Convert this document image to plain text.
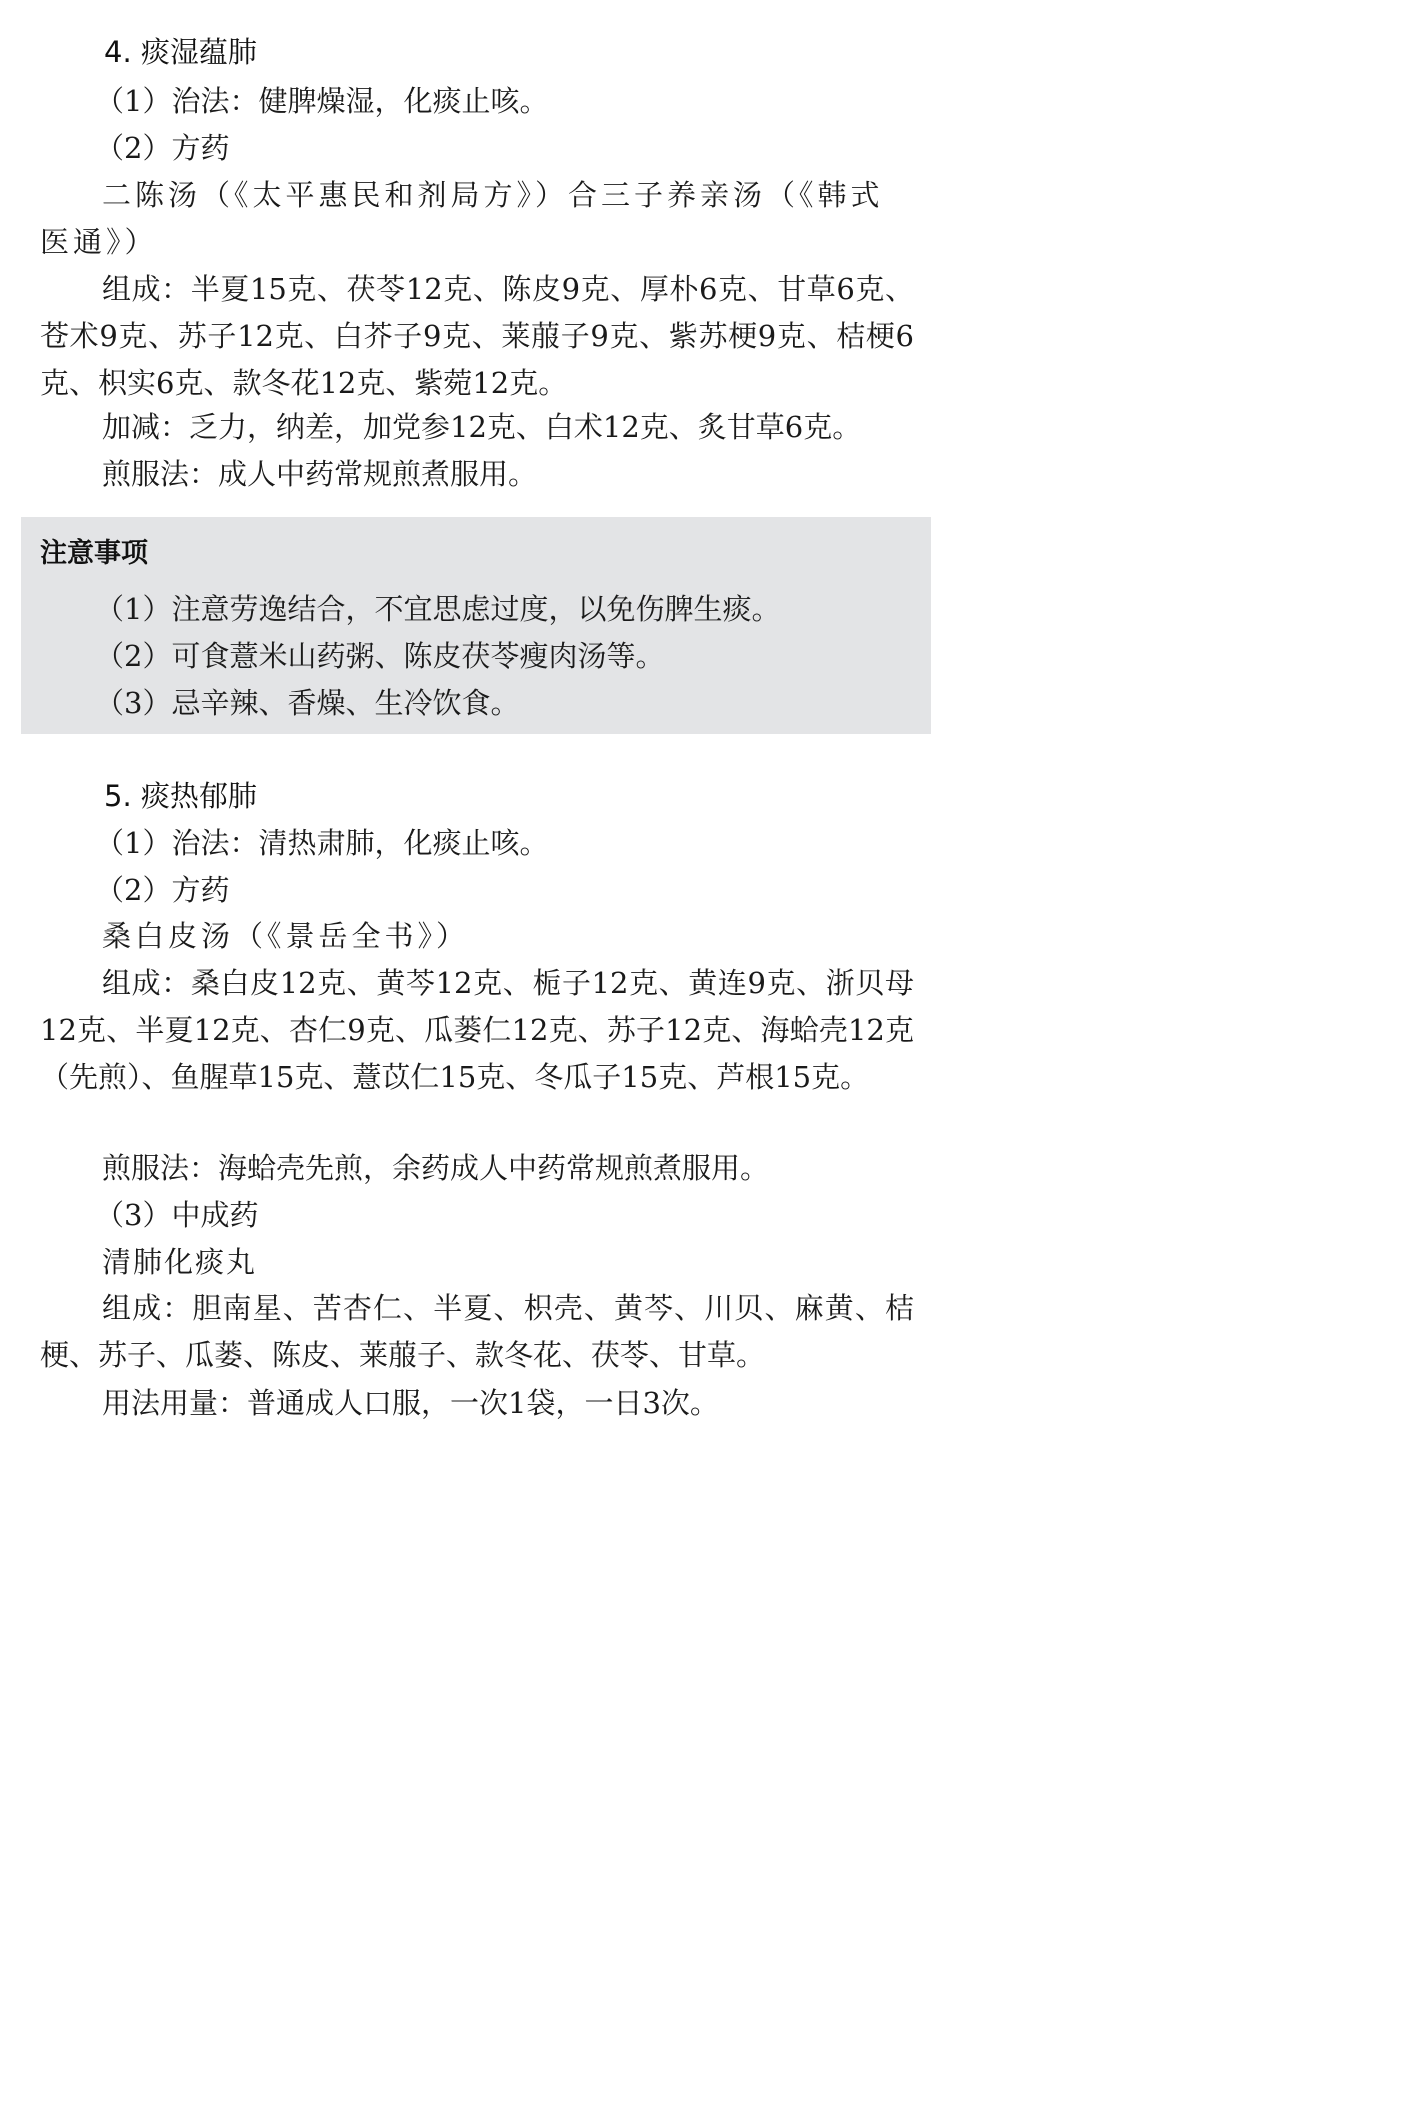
4. 痰湿蕴肺
（1）治法：健脾燥湿，化痰止咳。
（2）方药
二陈汤（《太平惠民和剂局方》）合三子养亲汤（《韩式
医通》）

组成：半夏15克、茯苓12克、陈皮9克、厚朴6克、甘草6克、苍术9克、苏子12克、白芥子9克、莱菔子9克、紫苏梗9克、桔梗6克、枳实6克、款冬花12克、紫菀12克。

加减：乏力，纳差，加党参12克、白术12克、炙甘草6克。
煎服法：成人中药常规煎煮服用。
注意事项
（1）注意劳逸结合，不宜思虑过度，以免伤脾生痰。
（2）可食薏米山药粥、陈皮茯苓瘦肉汤等。
（3）忌辛辣、香燥、生冷饮食。
5. 痰热郁肺
（1）治法：清热肃肺，化痰止咳。
（2）方药
桑白皮汤（《景岳全书》）

组成：桑白皮12克、黄芩12克、栀子12克、黄连9克、浙贝母12克、半夏12克、杏仁9克、瓜蒌仁12克、苏子12克、海蛤壳12克（先煎）、鱼腥草15克、薏苡仁15克、冬瓜子15克、芦根15克。

煎服法：海蛤壳先煎，余药成人中药常规煎煮服用。
（3）中成药
清肺化痰丸

组成：胆南星、苦杏仁、半夏、枳壳、黄芩、川贝、麻黄、桔梗、苏子、瓜蒌、陈皮、莱菔子、款冬花、茯苓、甘草。

用法用量：普通成人口服，一次1袋，一日3次。
